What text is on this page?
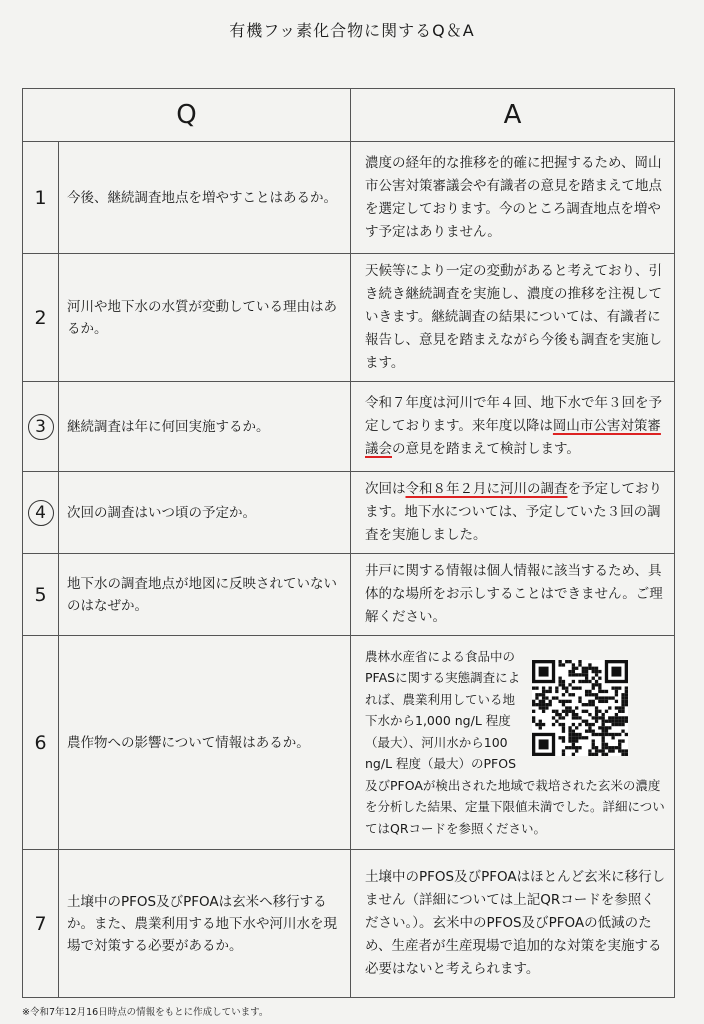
有機フッ素化合物に関するQ＆A
Q		A
1	今後、継続調査地点を増やすことはあるか。	濃度の経年的な推移を的確に把握するため、岡山市公害対策審議会や有識者の意見を踏まえて地点を選定しております。今のところ調査地点を増やす予定はありません。
2	河川や地下水の水質が変動している理由はあるか。	天候等により一定の変動があると考えており、引き続き継続調査を実施し、濃度の推移を注視していきます。継続調査の結果については、有識者に報告し、意見を踏まえながら今後も調査を実施します。
3	継続調査は年に何回実施するか。	令和７年度は河川で年４回、地下水で年３回を予定しております。来年度以降は岡山市公害対策審議会の意見を踏まえて検討します。
4	次回の調査はいつ頃の予定か。	次回は令和８年２月に河川の調査を予定しております。地下水については、予定していた３回の調査を実施しました。
5	地下水の調査地点が地図に反映されていないのはなぜか。	井戸に関する情報は個人情報に該当するため、具体的な場所をお示しすることはできません。ご理解ください。
6	農作物への影響について情報はあるか。	農林水産省による食品中のPFASに関する実態調査によれば、農業利用している地下水から1,000 ng/L 程度（最大）、河川水から100 ng/L 程度（最大）のPFOS及びPFOAが検出された地域で栽培された玄米の濃度を分析した結果、定量下限値未満でした。詳細についてはQRコードを参照ください。
7	土壌中のPFOS及びPFOAは玄米へ移行するか。また、農業利用する地下水や河川水を現場で対策する必要があるか。	土壌中のPFOS及びPFOAはほとんど玄米に移行しません（詳細については上記QRコードを参照ください。）。玄米中のPFOS及びPFOAの低減のため、生産者が生産現場で追加的な対策を実施する必要はないと考えられます。
※令和7年12月16日時点の情報をもとに作成しています。
